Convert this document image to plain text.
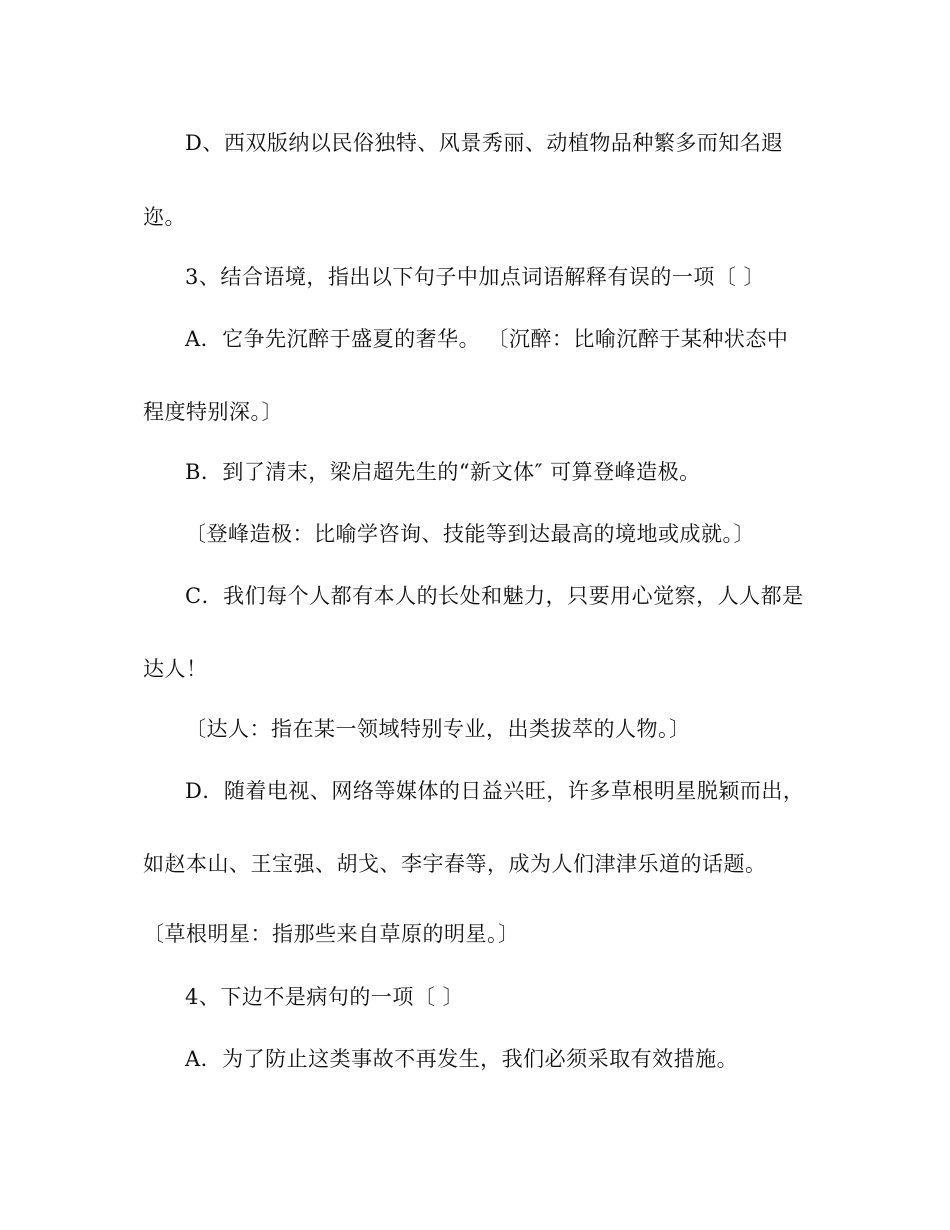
D、西双版纳以民俗独特、风景秀丽、动植物品种繁多而知名遐
迩。
3、结合语境，指出以下句子中加点词语解释有误的一项〔 〕
A．它争先沉醉于盛夏的奢华。 〔沉醉：比喻沉醉于某种状态中
程度特别深。〕
B．到了清末，梁启超先生的“新文体″ 可算登峰造极。
〔登峰造极：比喻学咨询、技能等到达最高的境地或成就。〕
C．我们每个人都有本人的长处和魅力，只要用心觉察，人人都是
达人！
〔达人：指在某一领域特别专业，出类拔萃的人物。〕
D．随着电视、网络等媒体的日益兴旺，许多草根明星脱颖而出，
如赵本山、王宝强、胡戈、李宇春等，成为人们津津乐道的话题。
〔草根明星：指那些来自草原的明星。〕
4、下边不是病句的一项〔 〕
A．为了防止这类事故不再发生，我们必须采取有效措施。
